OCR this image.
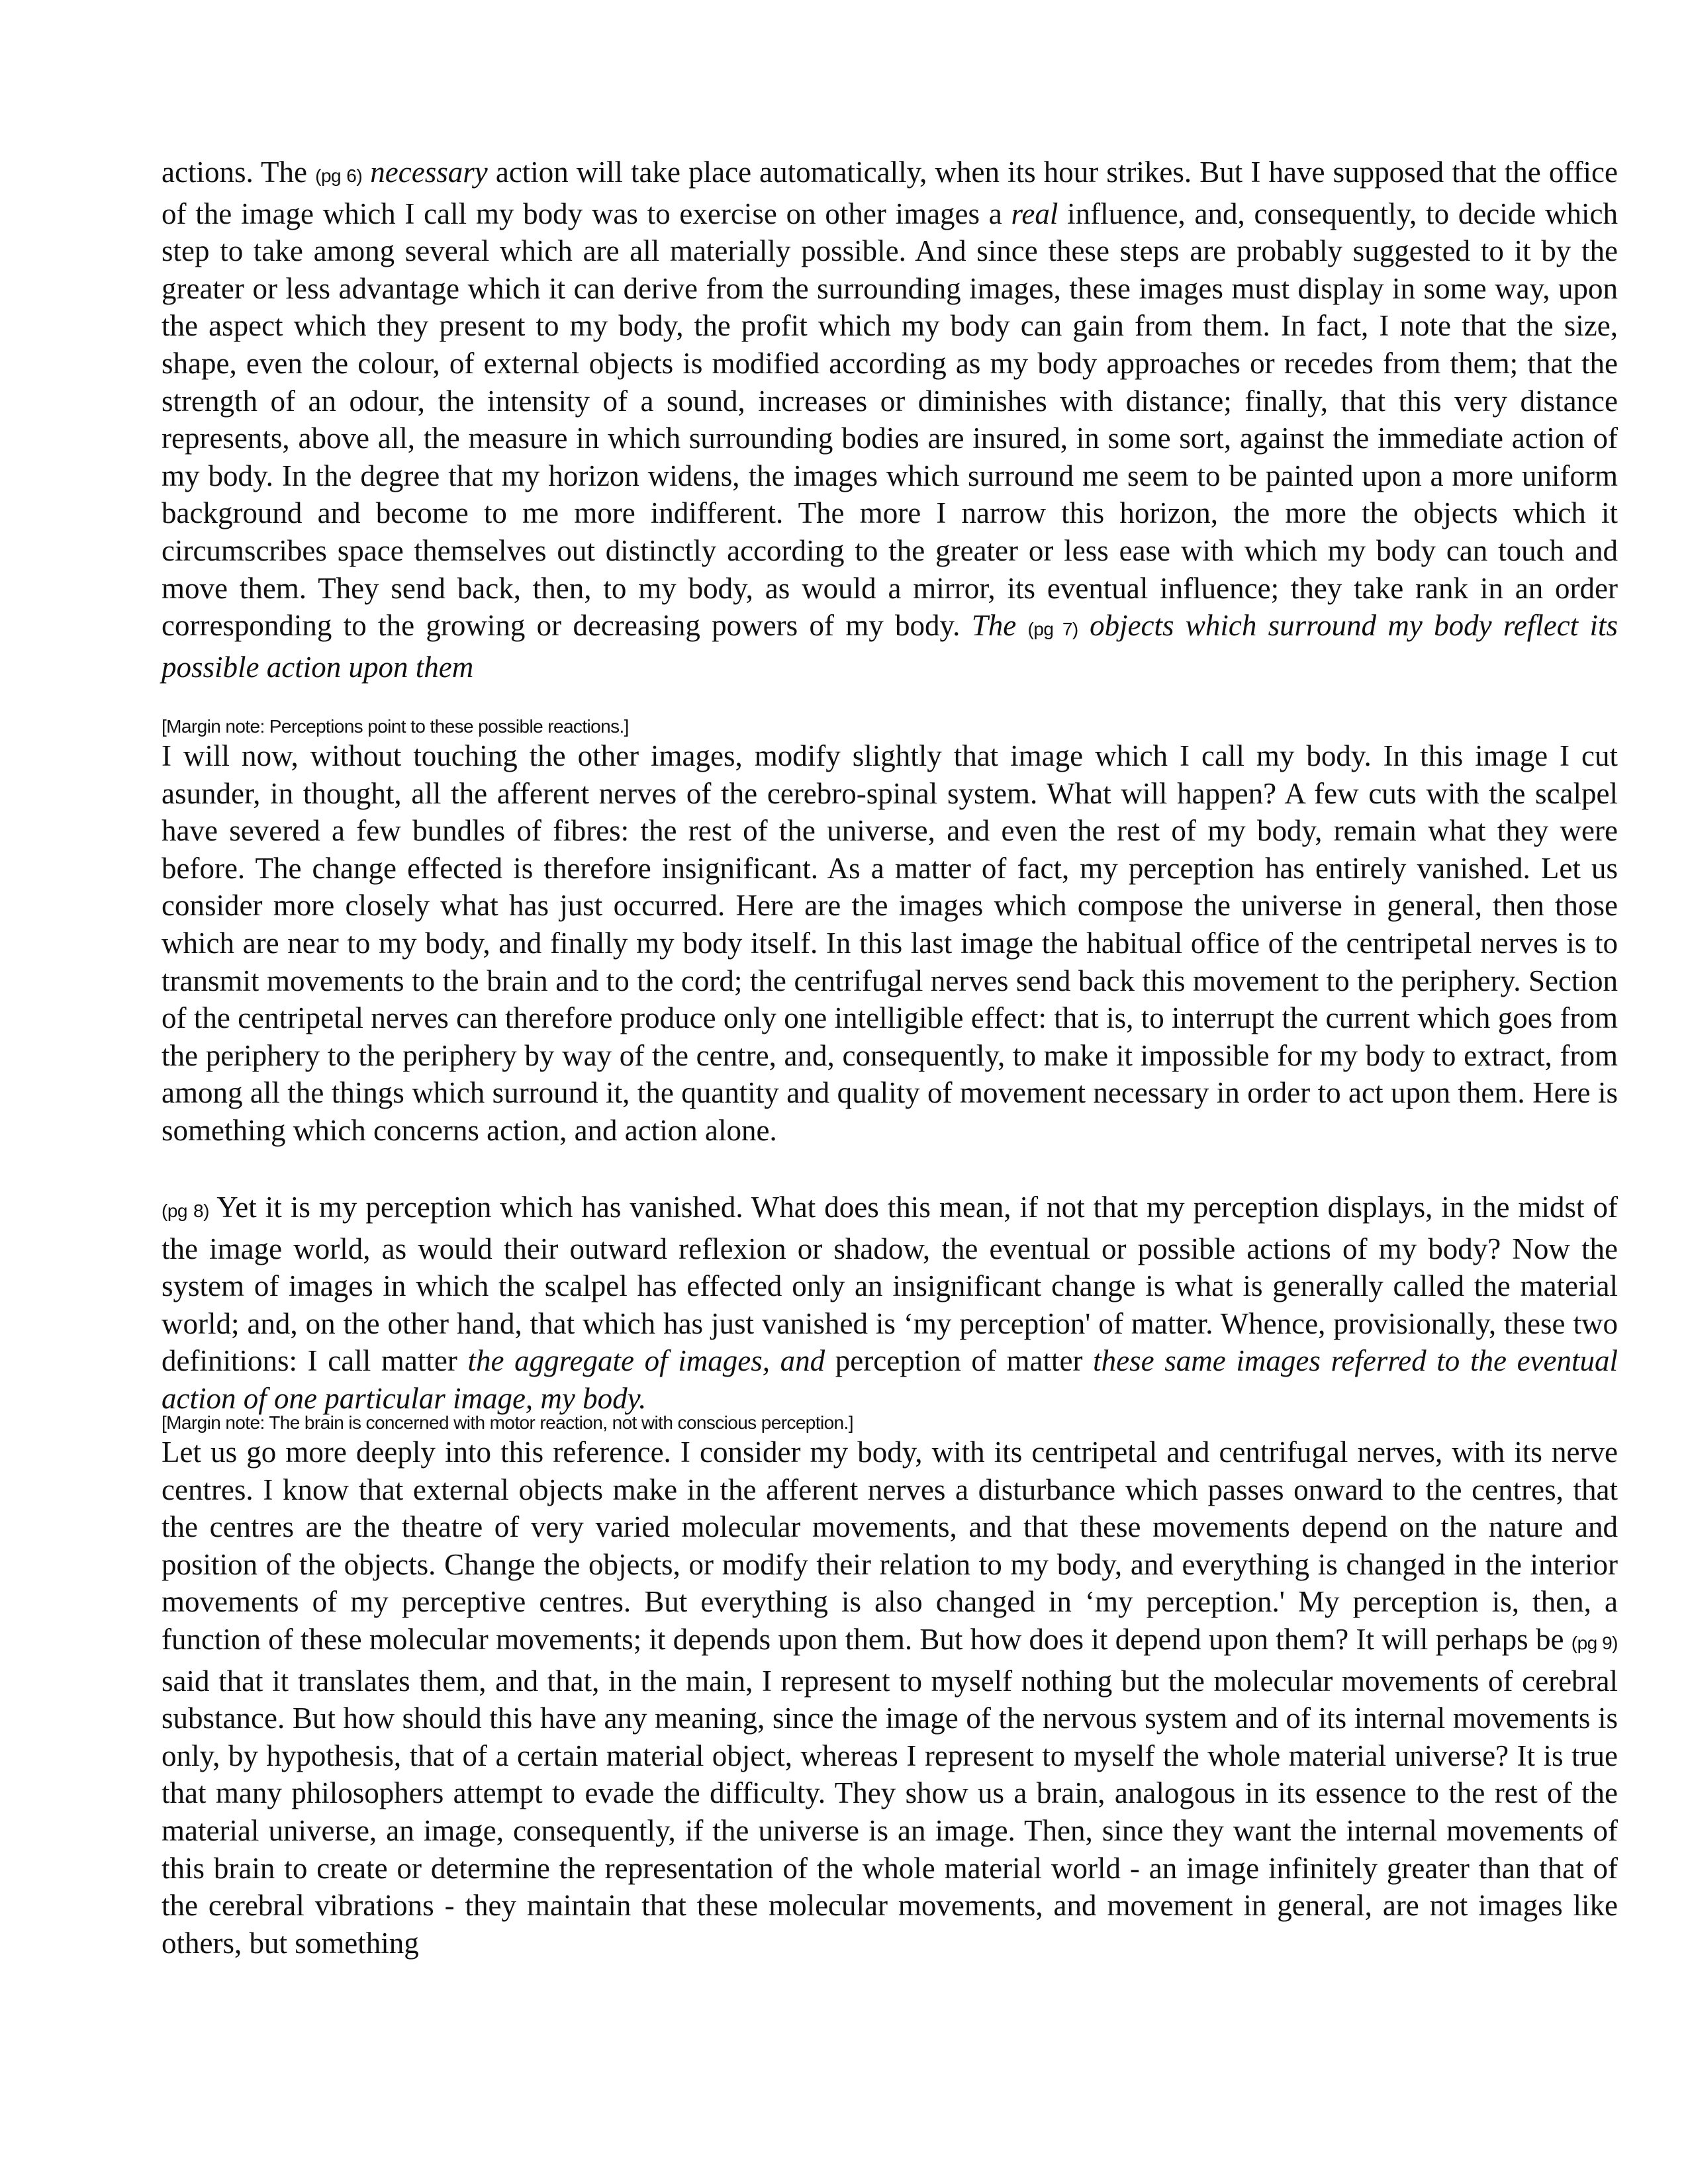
actions. The (pg 6) necessary action will take place automatically, when its hour strikes. But I have supposed that the office of the image which I call my body was to exercise on other images a real influence, and, consequently, to decide which step to take among several which are all materially possible. And since these steps are probably suggested to it by the greater or less advantage which it can derive from the surrounding images, these images must display in some way, upon the aspect which they present to my body, the profit which my body can gain from them. In fact, I note that the size, shape, even the colour, of external objects is modified according as my body approaches or recedes from them; that the strength of an odour, the intensity of a sound, increases or diminishes with distance; finally, that this very distance represents, above all, the measure in which surrounding bodies are insured, in some sort, against the immediate action of my body. In the degree that my horizon widens, the images which surround me seem to be painted upon a more uniform background and become to me more indifferent. The more I narrow this horizon, the more the objects which it circumscribes space themselves out distinctly according to the greater or less ease with which my body can touch and move them. They send back, then, to my body, as would a mirror, its eventual influence; they take rank in an order corresponding to the growing or decreasing powers of my body. The (pg 7) objects which surround my body reflect its possible action upon them
[Margin note: Perceptions point to these possible reactions.]
I will now, without touching the other images, modify slightly that image which I call my body. In this image I cut asunder, in thought, all the afferent nerves of the cerebro-spinal system. What will happen? A few cuts with the scalpel have severed a few bundles of fibres: the rest of the universe, and even the rest of my body, remain what they were before. The change effected is therefore insignificant. As a matter of fact, my perception has entirely vanished. Let us consider more closely what has just occurred. Here are the images which compose the universe in general, then those which are near to my body, and finally my body itself. In this last image the habitual office of the centripetal nerves is to transmit movements to the brain and to the cord; the centrifugal nerves send back this movement to the periphery. Section of the centripetal nerves can therefore produce only one intelligible effect: that is, to interrupt the current which goes from the periphery to the periphery by way of the centre, and, consequently, to make it impossible for my body to extract, from among all the things which surround it, the quantity and quality of movement necessary in order to act upon them. Here is something which concerns action, and action alone.
(pg 8) Yet it is my perception which has vanished. What does this mean, if not that my perception displays, in the midst of the image world, as would their outward reflexion or shadow, the eventual or possible actions of my body? Now the system of images in which the scalpel has effected only an insignificant change is what is generally called the material world; and, on the other hand, that which has just vanished is ‘my perception' of matter. Whence, provisionally, these two definitions: I call matter the aggregate of images, and perception of matter these same images referred to the eventual action of one particular image, my body.
[Margin note: The brain is concerned with motor reaction, not with conscious perception.]
Let us go more deeply into this reference. I consider my body, with its centripetal and centrifugal nerves, with its nerve centres. I know that external objects make in the afferent nerves a disturbance which passes onward to the centres, that the centres are the theatre of very varied molecular movements, and that these movements depend on the nature and position of the objects. Change the objects, or modify their relation to my body, and everything is changed in the interior movements of my perceptive centres. But everything is also changed in ‘my perception.' My perception is, then, a function of these molecular movements; it depends upon them. But how does it depend upon them? It will perhaps be (pg 9) said that it translates them, and that, in the main, I represent to myself nothing but the molecular movements of cerebral substance. But how should this have any meaning, since the image of the nervous system and of its internal movements is only, by hypothesis, that of a certain material object, whereas I represent to myself the whole material universe? It is true that many philosophers attempt to evade the difficulty. They show us a brain, analogous in its essence to the rest of the material universe, an image, consequently, if the universe is an image. Then, since they want the internal movements of this brain to create or determine the representation of the whole material world - an image infinitely greater than that of the cerebral vibrations - they maintain that these molecular movements, and movement in general, are not images like others, but something
